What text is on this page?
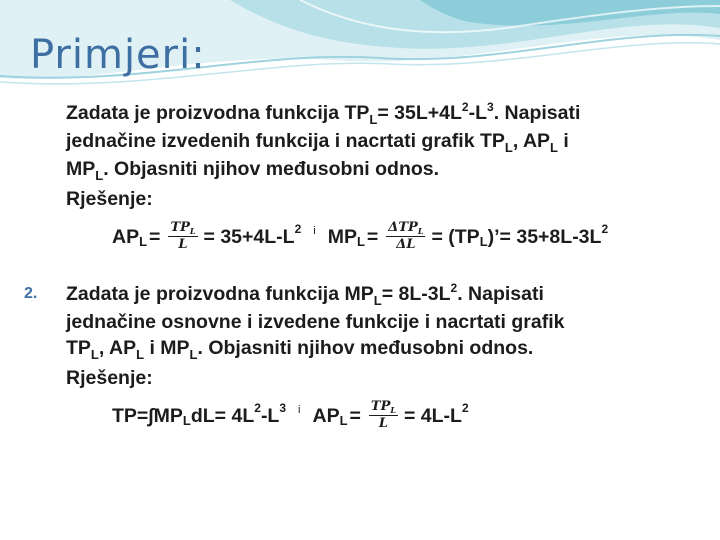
Primjeri:
Zadata je proizvodna funkcija $TP_L= 35L+4L^2-L^3$. Napisati
jednačine izvedenih funkcija i nacrtati grafik $TP_L$, $AP_L$ i
$MP_L$. Objasniti njihov međusobni odnos.
Rješenje:
AP $L = \frac{TP_L}{L} = 35+4L-L$ 2 i MP $L = \frac{\Delta TP_L}{\Delta L} = (TP$ L )’= 35+8L-3L 2
2. Zadata je proizvodna funkcija $MP_L= 8L-3L^2$. Napisati
jednačine osnovne i izvedene funkcije i nacrtati grafik
$TP_L$, $AP_L$ i $MP_L$. Objasniti njihov međusobni odnos.
Rješenje:
TP=∫MP L dL= 4L 2 -L 3 i AP $L = \frac{TP_L}{L} = 4L-L$ 2
